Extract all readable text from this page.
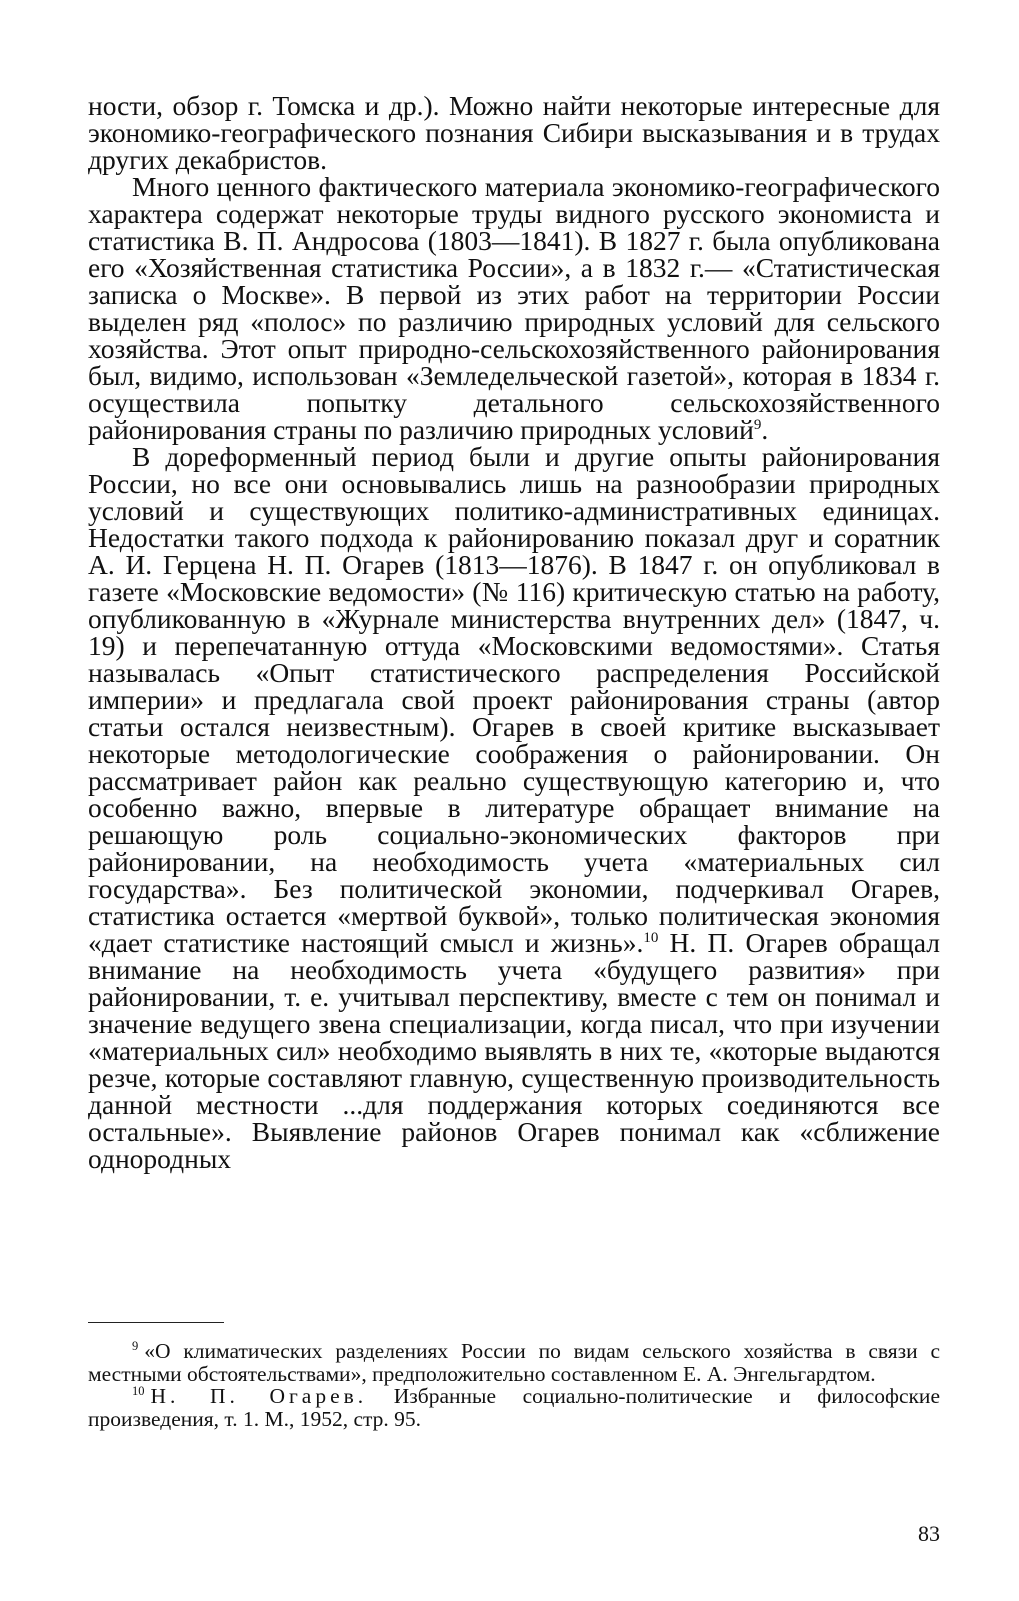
ности, обзор г. Томска и др.). Можно найти некоторые интересные для экономико-географического познания Сибири высказывания и в трудах других декабристов.

Много ценного фактического материала экономико-географического характера содержат некоторые труды видного русского экономиста и статистика В. П. Андросова (1803—1841). В 1827 г. была опубликована его «Хозяйственная статистика России», а в 1832 г.— «Статистическая записка о Москве». В первой из этих работ на территории России выделен ряд «полос» по различию природных условий для сельского хозяйства. Этот опыт природно-сельскохозяйственного районирования был, видимо, использован «Земледельческой газетой», которая в 1834 г. осуществила попытку детального сельскохозяйственного районирования страны по различию природных условий$^9$.

В дореформенный период были и другие опыты районирования России, но все они основывались лишь на разнообразии природных условий и существующих политико-административных единицах. Недостатки такого подхода к районированию показал друг и соратник А. И. Герцена Н. П. Огарев (1813—1876). В 1847 г. он опубликовал в газете «Московские ведомости» (№ 116) критическую статью на работу, опубликованную в «Журнале министерства внутренних дел» (1847, ч. 19) и перепечатанную оттуда «Московскими ведомостями». Статья называлась «Опыт статистического распределения Российской империи» и предлагала свой проект районирования страны (автор статьи остался неизвестным). Огарев в своей критике высказывает некоторые методологические соображения о районировании. Он рассматривает район как реально существующую категорию и, что особенно важно, впервые в литературе обращает внимание на решающую роль социально-экономических факторов при районировании, на необходимость учета «материальных сил государства». Без политической экономии, подчеркивал Огарев, статистика остается «мертвой буквой», только политическая экономия «дает статистике настоящий смысл и жизнь».$^{10}$ Н. П. Огарев обращал внимание на необходимость учета «будущего развития» при районировании, т. е. учитывал перспективу, вместе с тем он понимал и значение ведущего звена специализации, когда писал, что при изучении «материальных сил» необходимо выявлять в них те, «которые выдаются резче, которые составляют главную, существенную производительность данной местности ...для поддержания которых соединяются все остальные». Выявление районов Огарев понимал как «сближение однородных

$^9$ «О климатических разделениях России по видам сельского хозяйства в связи с местными обстоятельствами», предположительно составленном Е. А. Энгельгардтом.

$^{10}$ Н. П. Огарев. Избранные социально-политические и философские произведения, т. 1. М., 1952, стр. 95.

83
